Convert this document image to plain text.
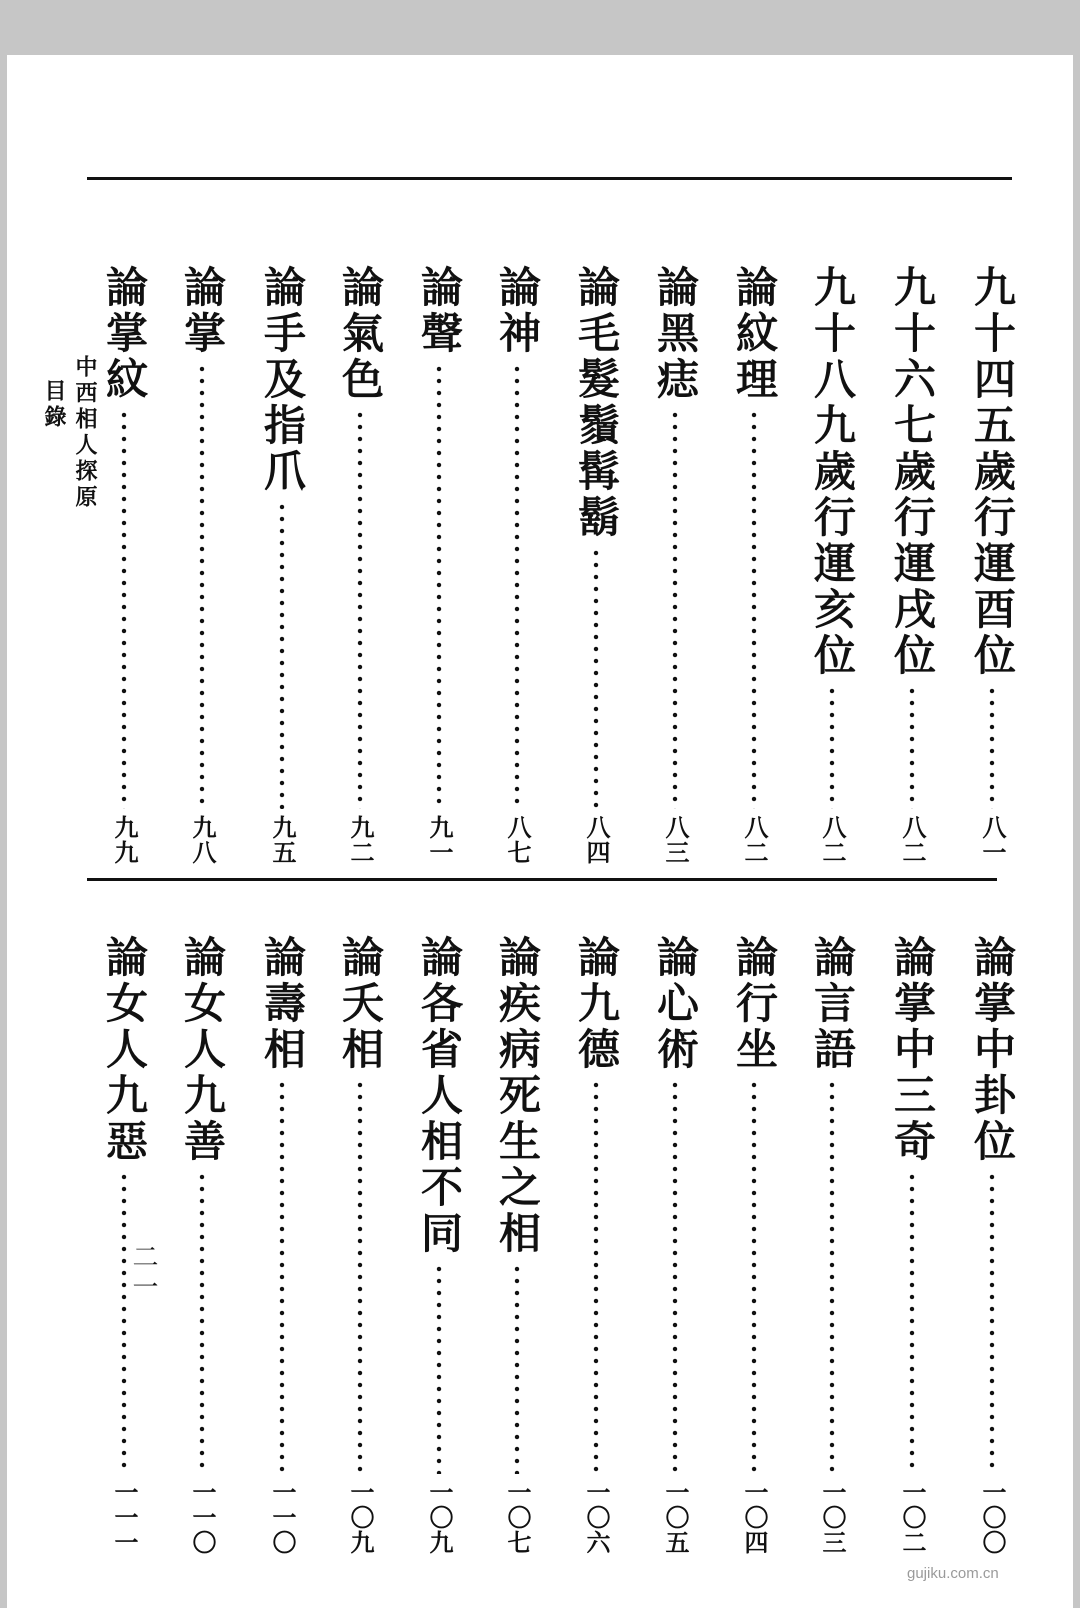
中西相人探原
目錄
二一
九十四五歲行運酉位
八一
九十六七歲行運戌位
八二
九十八九歲行運亥位
八二
論紋理
八二
論黑痣
八三
論毛髮鬚髯鬍
八四
論神
八七
論聲
九一
論氣色
九二
論手及指爪
九五
論掌
九八
論掌紋
九九
論掌中卦位
一〇〇
論掌中三奇
一〇二
論言語
一〇三
論行坐
一〇四
論心術
一〇五
論九德
一〇六
論疾病死生之相
一〇七
論各省人相不同
一〇九
論夭相
一〇九
論壽相
一一〇
論女人九善
一一〇
論女人九惡
一一一
gujiku.com.cn
